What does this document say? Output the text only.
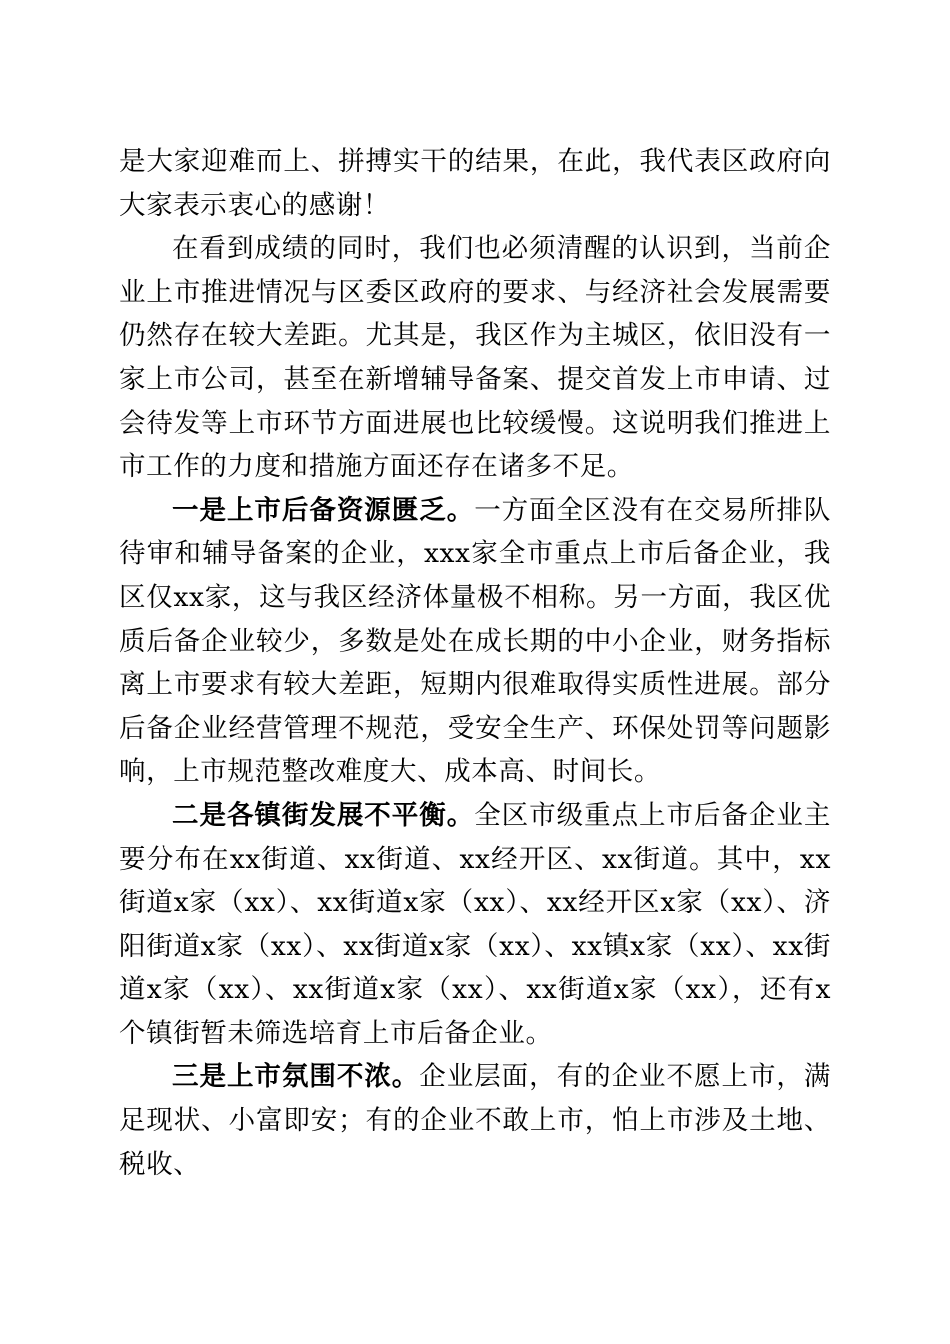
是大家迎难而上、拼搏实干的结果，在此，我代表区政府向大家表示衷心的感谢！

在看到成绩的同时，我们也必须清醒的认识到，当前企业上市推进情况与区委区政府的要求、与经济社会发展需要仍然存在较大差距。尤其是，我区作为主城区，依旧没有一家上市公司，甚至在新增辅导备案、提交首发上市申请、过会待发等上市环节方面进展也比较缓慢。这说明我们推进上市工作的力度和措施方面还存在诸多不足。

一是上市后备资源匮乏。一方面全区没有在交易所排队待审和辅导备案的企业，xxx家全市重点上市后备企业，我区仅xx家，这与我区经济体量极不相称。另一方面，我区优质后备企业较少，多数是处在成长期的中小企业，财务指标离上市要求有较大差距，短期内很难取得实质性进展。部分后备企业经营管理不规范，受安全生产、环保处罚等问题影响，上市规范整改难度大、成本高、时间长。

二是各镇街发展不平衡。全区市级重点上市后备企业主要分布在xx街道、xx街道、xx经开区、xx街道。其中，xx街道x家（xx）、xx街道x家（xx）、xx经开区x家（xx）、济阳街道x家（xx）、xx街道x家（xx）、xx镇x家（xx）、xx街道x家（xx）、xx街道x家（xx）、xx街道x家（xx），还有x个镇街暂未筛选培育上市后备企业。

三是上市氛围不浓。企业层面，有的企业不愿上市，满足现状、小富即安；有的企业不敢上市，怕上市涉及土地、税收、
